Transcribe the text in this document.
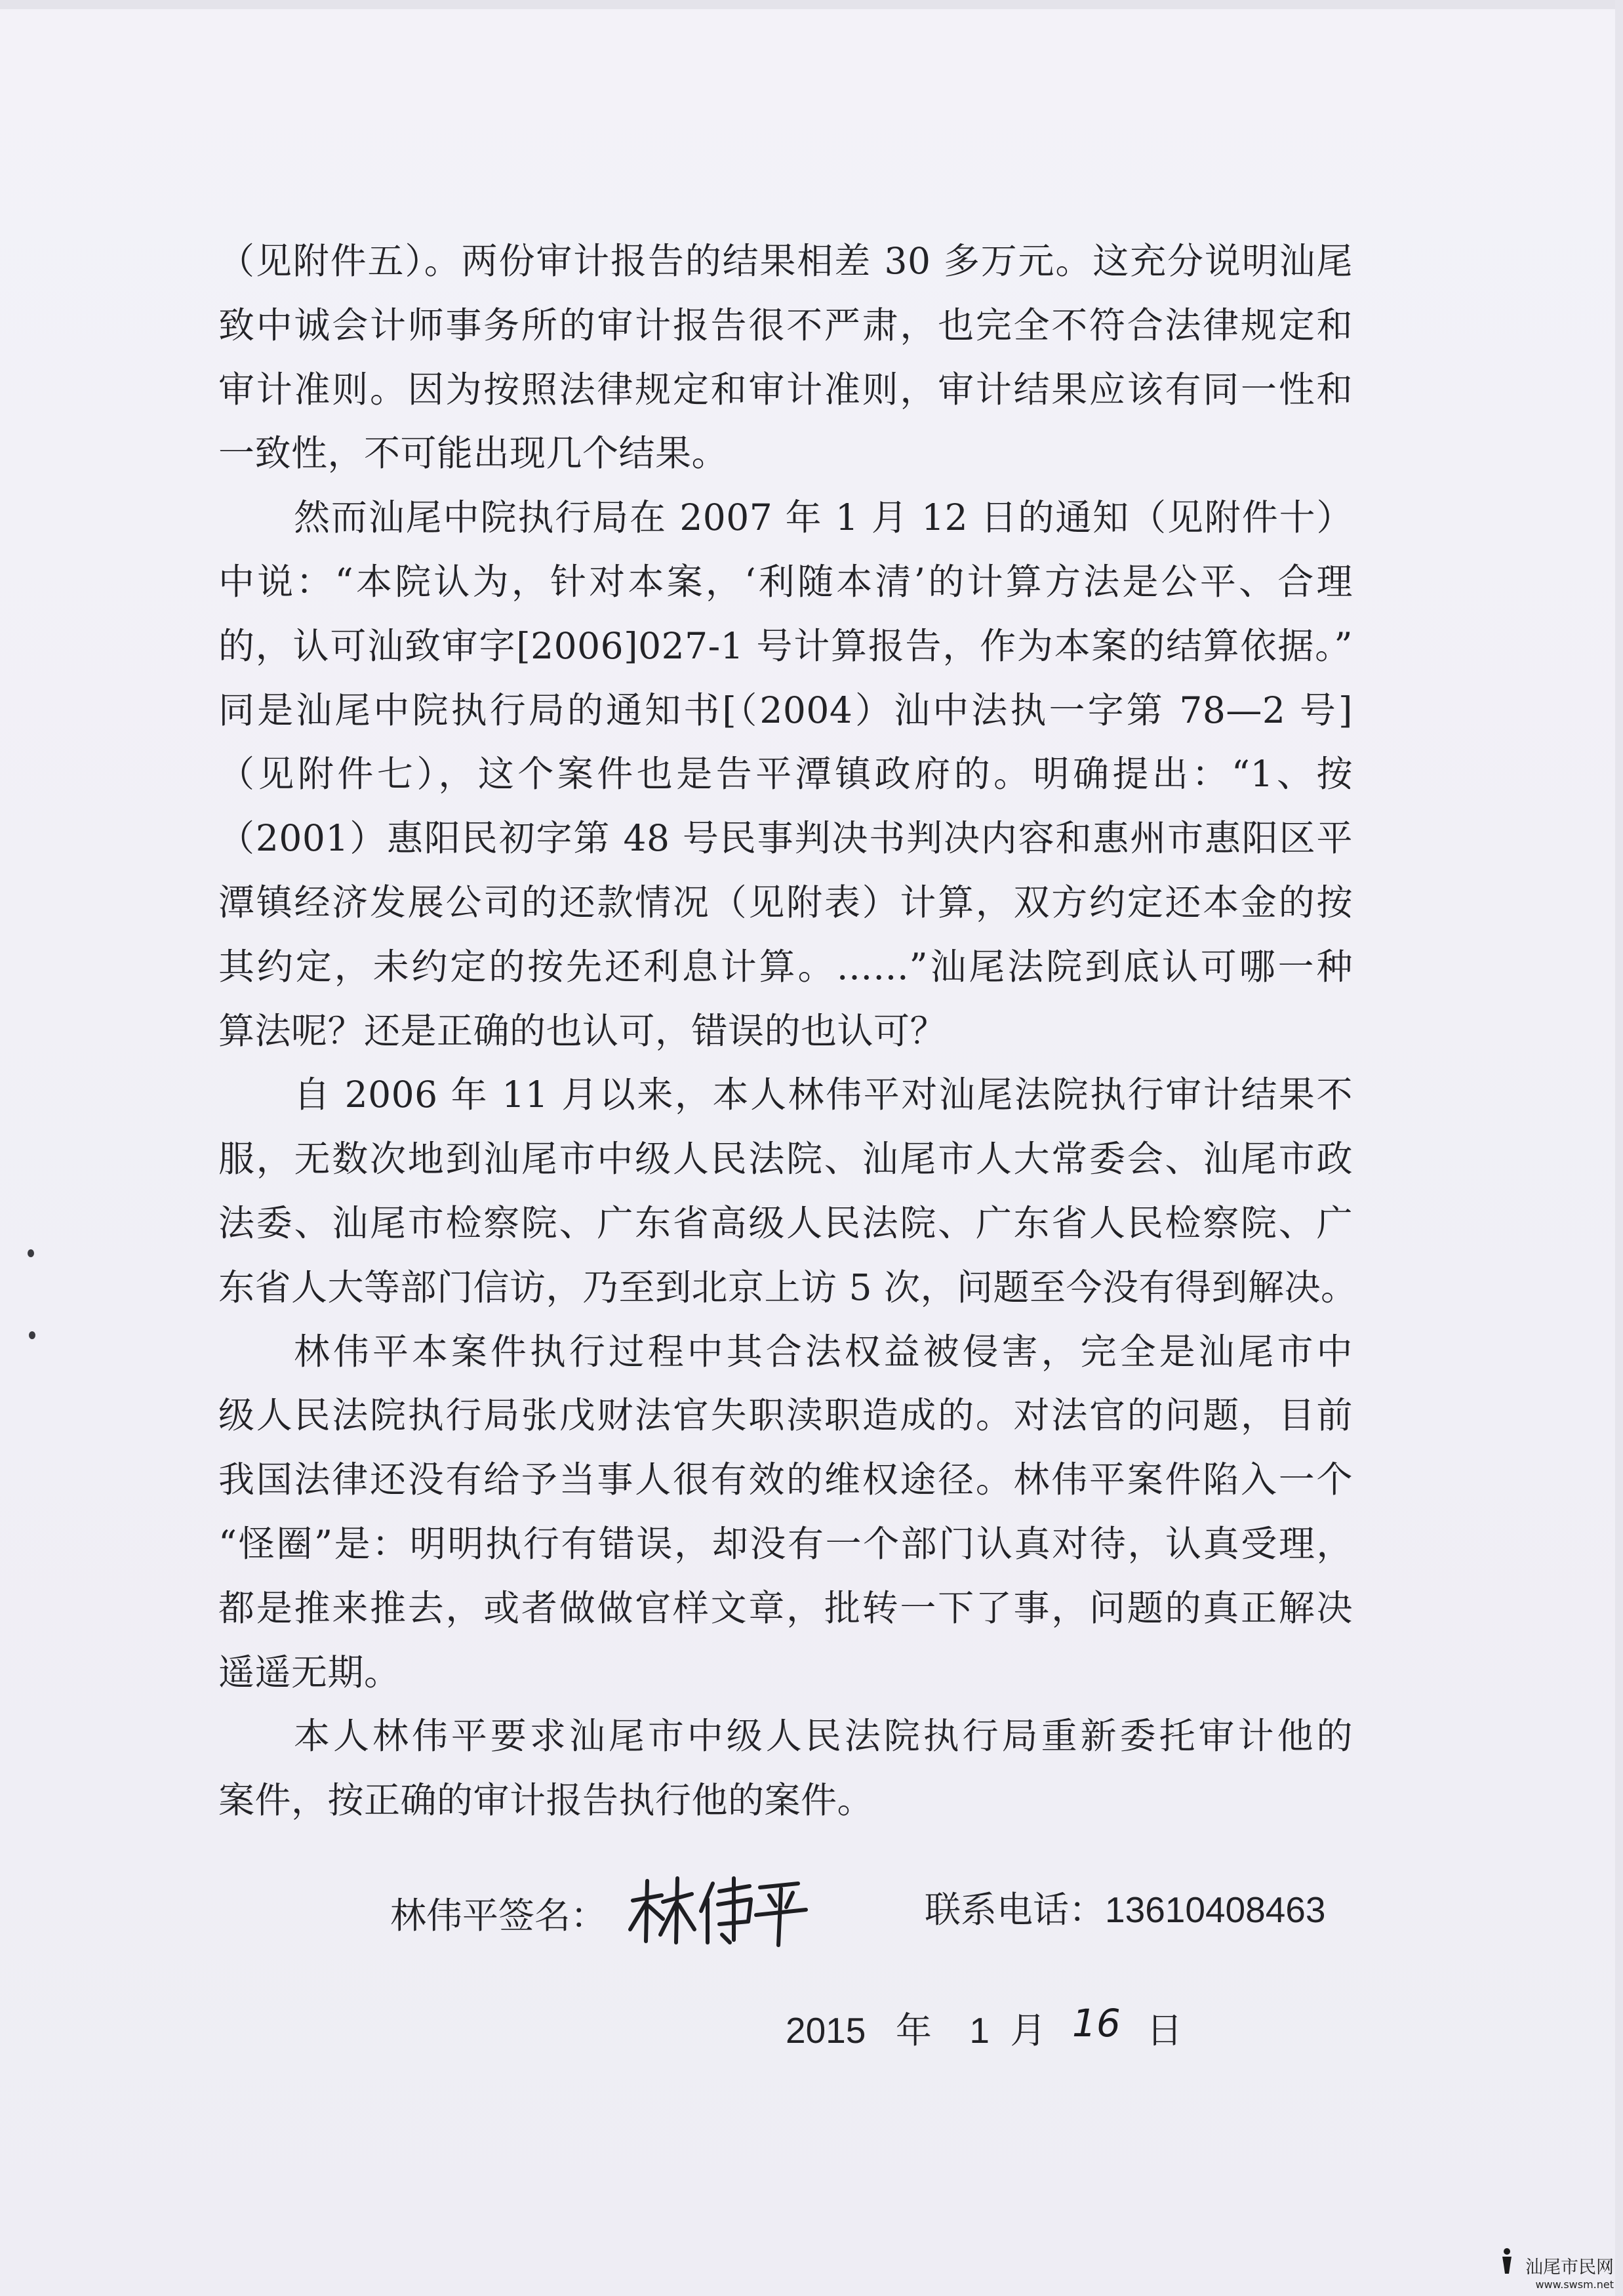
（见附件五）。两份审计报告的结果相差 30 多万元。这充分说明汕尾
致中诚会计师事务所的审计报告很不严肃，也完全不符合法律规定和
审计准则。因为按照法律规定和审计准则，审计结果应该有同一性和
一致性，不可能出现几个结果。
然而汕尾中院执行局在 2007 年 1 月 12 日的通知（见附件十）
中说：“本院认为，针对本案，‘利随本清’的计算方法是公平、合理
的，认可汕致审字[2006]027-1 号计算报告，作为本案的结算依据。”
同是汕尾中院执行局的通知书[（2004）汕中法执一字第 78—2 号]
（见附件七），这个案件也是告平潭镇政府的。明确提出：“1、按
（2001）惠阳民初字第 48 号民事判决书判决内容和惠州市惠阳区平
潭镇经济发展公司的还款情况（见附表）计算，双方约定还本金的按
其约定，未约定的按先还利息计算。……”汕尾法院到底认可哪一种
算法呢？还是正确的也认可，错误的也认可？
自 2006 年 11 月以来，本人林伟平对汕尾法院执行审计结果不
服，无数次地到汕尾市中级人民法院、汕尾市人大常委会、汕尾市政
法委、汕尾市检察院、广东省高级人民法院、广东省人民检察院、广
东省人大等部门信访，乃至到北京上访 5 次，问题至今没有得到解决。
林伟平本案件执行过程中其合法权益被侵害，完全是汕尾市中
级人民法院执行局张戊财法官失职渎职造成的。对法官的问题，目前
我国法律还没有给予当事人很有效的维权途径。林伟平案件陷入一个
“怪圈”是：明明执行有错误，却没有一个部门认真对待，认真受理，
都是推来推去，或者做做官样文章，批转一下了事，问题的真正解决
遥遥无期。
本人林伟平要求汕尾市中级人民法院执行局重新委托审计他的
案件，按正确的审计报告执行他的案件。
林伟平签名：	联系电话：13610408463
2015 年 1 月 16 日
汕尾市民网
www.swsm.net
